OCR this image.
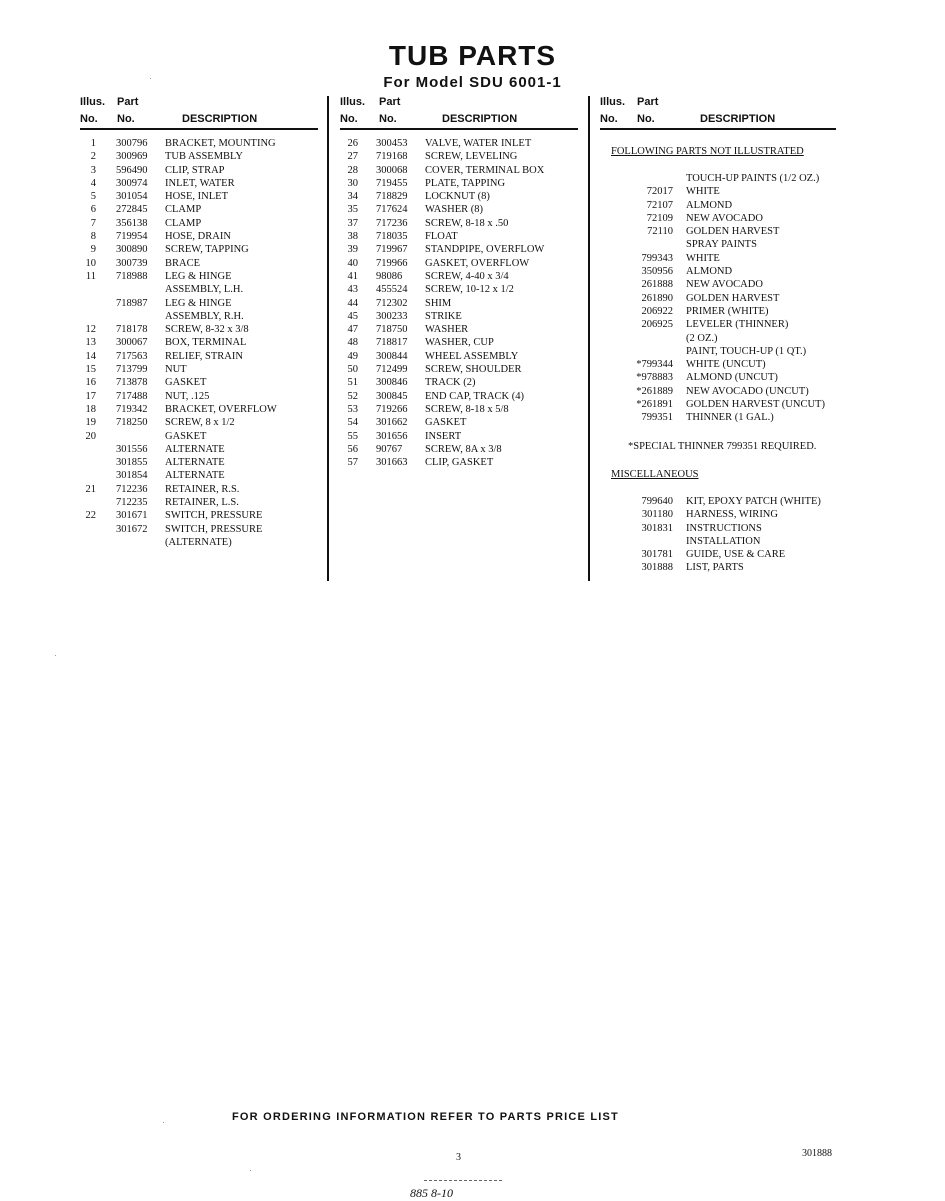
TUB PARTS
For Model SDU 6001-1
Illus.
No.
Part
No.	DESCRIPTION
1 300796 BRACKET, MOUNTING
2 300969 TUB ASSEMBLY
3 596490 CLIP, STRAP
4 300974 INLET, WATER
5 301054 HOSE, INLET
6 272845 CLAMP
7 356138 CLAMP
8 719954 HOSE, DRAIN
9 300890 SCREW, TAPPING
10 300739 BRACE
11 718988 LEG & HINGE
ASSEMBLY, L.H.
718987 LEG & HINGE
ASSEMBLY, R.H.
12 718178 SCREW, 8-32 x 3/8
13 300067 BOX, TERMINAL
14 717563 RELIEF, STRAIN
15 713799 NUT
16 713878 GASKET
17 717488 NUT, .125
18 719342 BRACKET, OVERFLOW
19 718250 SCREW, 8 x 1/2
20	GASKET
301556 ALTERNATE
301855 ALTERNATE
301854 ALTERNATE
21 712236 RETAINER, R.S.
712235 RETAINER, L.S.
22 301671 SWITCH, PRESSURE
301672 SWITCH, PRESSURE
(ALTERNATE)
Illus.
No.
Part
No.	DESCRIPTION
26 300453 VALVE, WATER INLET
27 719168 SCREW, LEVELING
28 300068 COVER, TERMINAL BOX
30 719455 PLATE, TAPPING
34 718829 LOCKNUT (8)
35 717624 WASHER (8)
37 717236 SCREW, 8-18 x .50
38 718035 FLOAT
39 719967 STANDPIPE, OVERFLOW
40 719966 GASKET, OVERFLOW
41 98086 SCREW, 4-40 x 3/4
43 455524 SCREW, 10-12 x 1/2
44 712302 SHIM
45 300233 STRIKE
47 718750 WASHER
48 718817 WASHER, CUP
49 300844 WHEEL ASSEMBLY
50 712499 SCREW, SHOULDER
51 300846 TRACK (2)
52 300845 END CAP, TRACK (4)
53 719266 SCREW, 8-18 x 5/8
54 301662 GASKET
55 301656 INSERT
56 90767 SCREW, 8A x 3/8
57 301663 CLIP, GASKET
Illus.
No.
Part
No.	DESCRIPTION
FOLLOWING PARTS NOT ILLUSTRATED
TOUCH-UP PAINTS (1/2 OZ.)
72017 WHITE
72107 ALMOND
72109 NEW AVOCADO
72110 GOLDEN HARVEST
SPRAY PAINTS
799343 WHITE
350956 ALMOND
261888 NEW AVOCADO
261890 GOLDEN HARVEST
206922 PRIMER (WHITE)
206925 LEVELER (THINNER)
(2 OZ.)
PAINT, TOUCH-UP (1 QT.)
*799344 WHITE (UNCUT)
*978883 ALMOND (UNCUT)
*261889 NEW AVOCADO (UNCUT)
*261891 GOLDEN HARVEST (UNCUT)
799351 THINNER (1 GAL.)
*SPECIAL THINNER 799351 REQUIRED.
MISCELLANEOUS
799640 KIT, EPOXY PATCH (WHITE)
301180 HARNESS, WIRING
301831 INSTRUCTIONS
INSTALLATION
301781 GUIDE, USE & CARE
301888 LIST, PARTS
FOR ORDERING INFORMATION REFER TO PARTS PRICE LIST
3	301888
885 8-10
